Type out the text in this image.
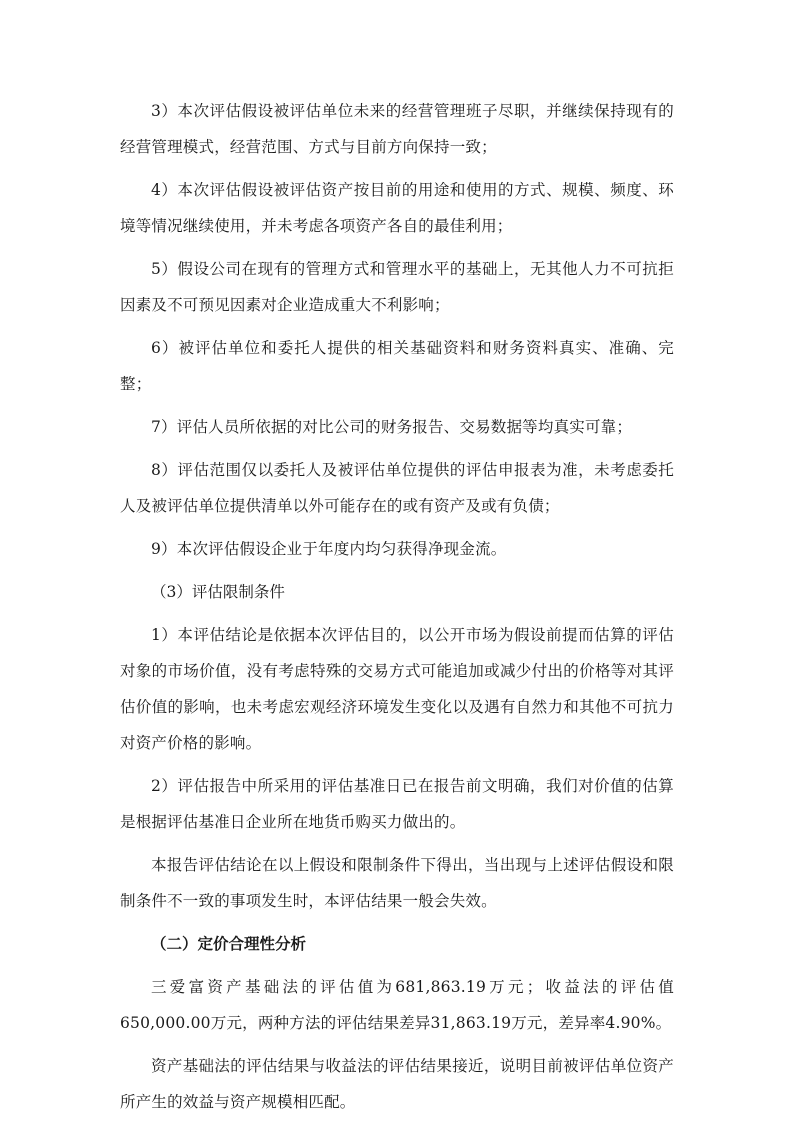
3）本次评估假设被评估单位未来的经营管理班子尽职，并继续保持现有的经营管理模式，经营范围、方式与目前方向保持一致；

4）本次评估假设被评估资产按目前的用途和使用的方式、规模、频度、环境等情况继续使用，并未考虑各项资产各自的最佳利用；

5）假设公司在现有的管理方式和管理水平的基础上，无其他人力不可抗拒因素及不可预见因素对企业造成重大不利影响；

6）被评估单位和委托人提供的相关基础资料和财务资料真实、准确、完整；

7）评估人员所依据的对比公司的财务报告、交易数据等均真实可靠；

8）评估范围仅以委托人及被评估单位提供的评估申报表为准，未考虑委托人及被评估单位提供清单以外可能存在的或有资产及或有负债；

9）本次评估假设企业于年度内均匀获得净现金流。

（3）评估限制条件

1）本评估结论是依据本次评估目的，以公开市场为假设前提而估算的评估对象的市场价值，没有考虑特殊的交易方式可能追加或减少付出的价格等对其评估价值的影响，也未考虑宏观经济环境发生变化以及遇有自然力和其他不可抗力对资产价格的影响。

2）评估报告中所采用的评估基准日已在报告前文明确，我们对价值的估算是根据评估基准日企业所在地货币购买力做出的。

本报告评估结论在以上假设和限制条件下得出，当出现与上述评估假设和限制条件不一致的事项发生时，本评估结果一般会失效。

（二）定价合理性分析

三爱富资产基础法的评估值为681,863.19万元；收益法的评估值650,000.00万元，两种方法的评估结果差异31,863.19万元，差异率4.90%。

资产基础法的评估结果与收益法的评估结果接近，说明目前被评估单位资产所产生的效益与资产规模相匹配。
